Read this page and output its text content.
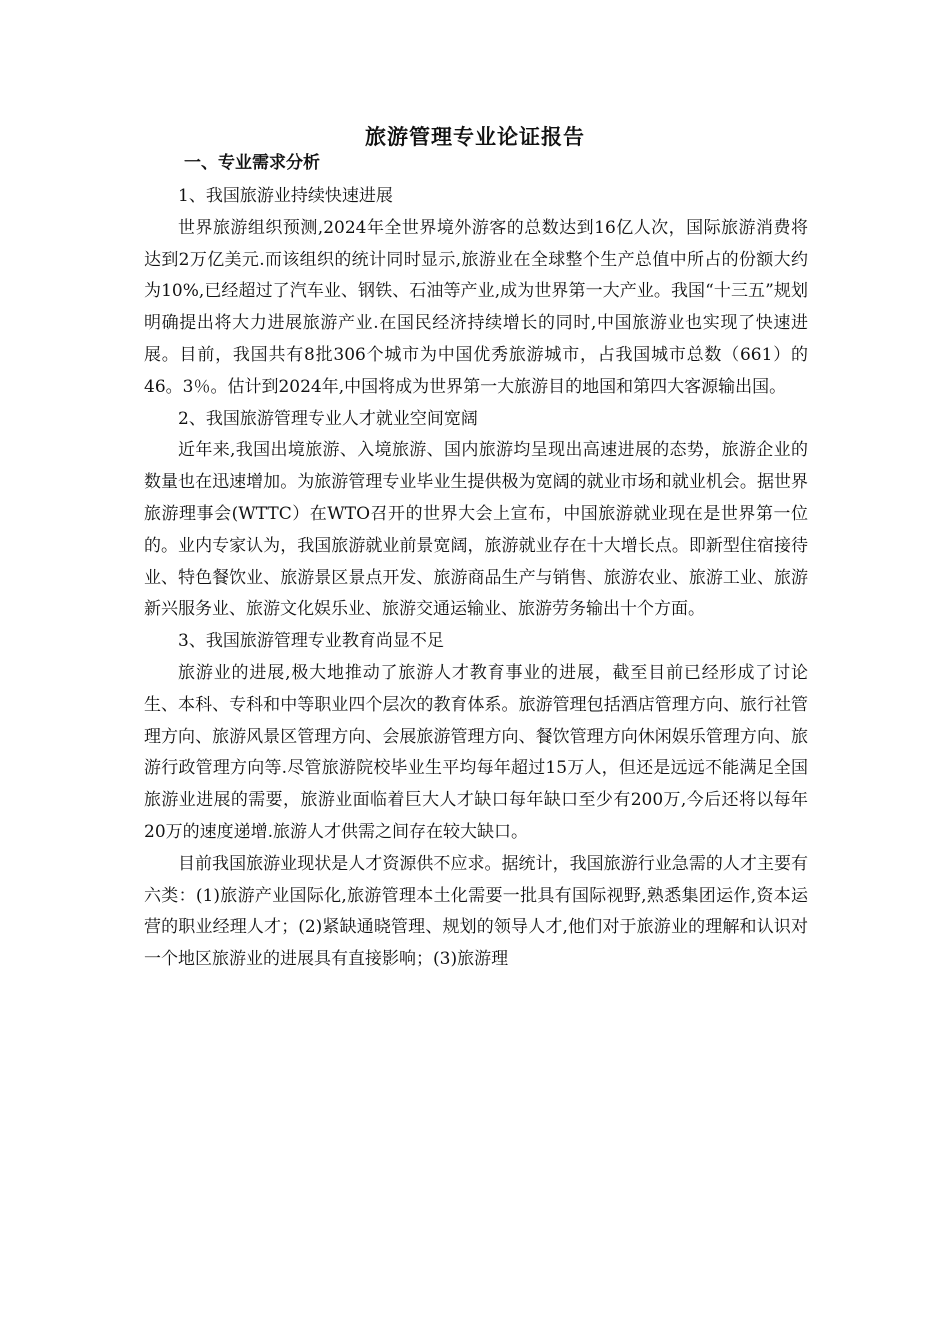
旅游管理专业论证报告
一、专业需求分析

1、我国旅游业持续快速进展

世界旅游组织预测,2024年全世界境外游客的总数达到16亿人次，国际旅游消费将达到2万亿美元.而该组织的统计同时显示,旅游业在全球整个生产总值中所占的份额大约为10%,已经超过了汽车业、钢铁、石油等产业,成为世界第一大产业。我国“十三五”规划明确提出将大力进展旅游产业.在国民经济持续增长的同时,中国旅游业也实现了快速进展。目前，我国共有8批306个城市为中国优秀旅游城市，占我国城市总数（661）的46。3％。估计到2024年,中国将成为世界第一大旅游目的地国和第四大客源输出国。

2、我国旅游管理专业人才就业空间宽阔

近年来,我国出境旅游、入境旅游、国内旅游均呈现出高速进展的态势，旅游企业的数量也在迅速增加。为旅游管理专业毕业生提供极为宽阔的就业市场和就业机会。据世界旅游理事会(WTTC）在WTO召开的世界大会上宣布，中国旅游就业现在是世界第一位的。业内专家认为，我国旅游就业前景宽阔，旅游就业存在十大增长点。即新型住宿接待业、特色餐饮业、旅游景区景点开发、旅游商品生产与销售、旅游农业、旅游工业、旅游新兴服务业、旅游文化娱乐业、旅游交通运输业、旅游劳务输出十个方面。

3、我国旅游管理专业教育尚显不足

旅游业的进展,极大地推动了旅游人才教育事业的进展，截至目前已经形成了讨论生、本科、专科和中等职业四个层次的教育体系。旅游管理包括酒店管理方向、旅行社管理方向、旅游风景区管理方向、会展旅游管理方向、餐饮管理方向休闲娱乐管理方向、旅游行政管理方向等.尽管旅游院校毕业生平均每年超过15万人，但还是远远不能满足全国旅游业进展的需要，旅游业面临着巨大人才缺口每年缺口至少有200万,今后还将以每年20万的速度递增.旅游人才供需之间存在较大缺口。

目前我国旅游业现状是人才资源供不应求。据统计，我国旅游行业急需的人才主要有六类：(1)旅游产业国际化,旅游管理本土化需要一批具有国际视野,熟悉集团运作,资本运营的职业经理人才；(2)紧缺通晓管理、规划的领导人才,他们对于旅游业的理解和认识对一个地区旅游业的进展具有直接影响；(3)旅游理
